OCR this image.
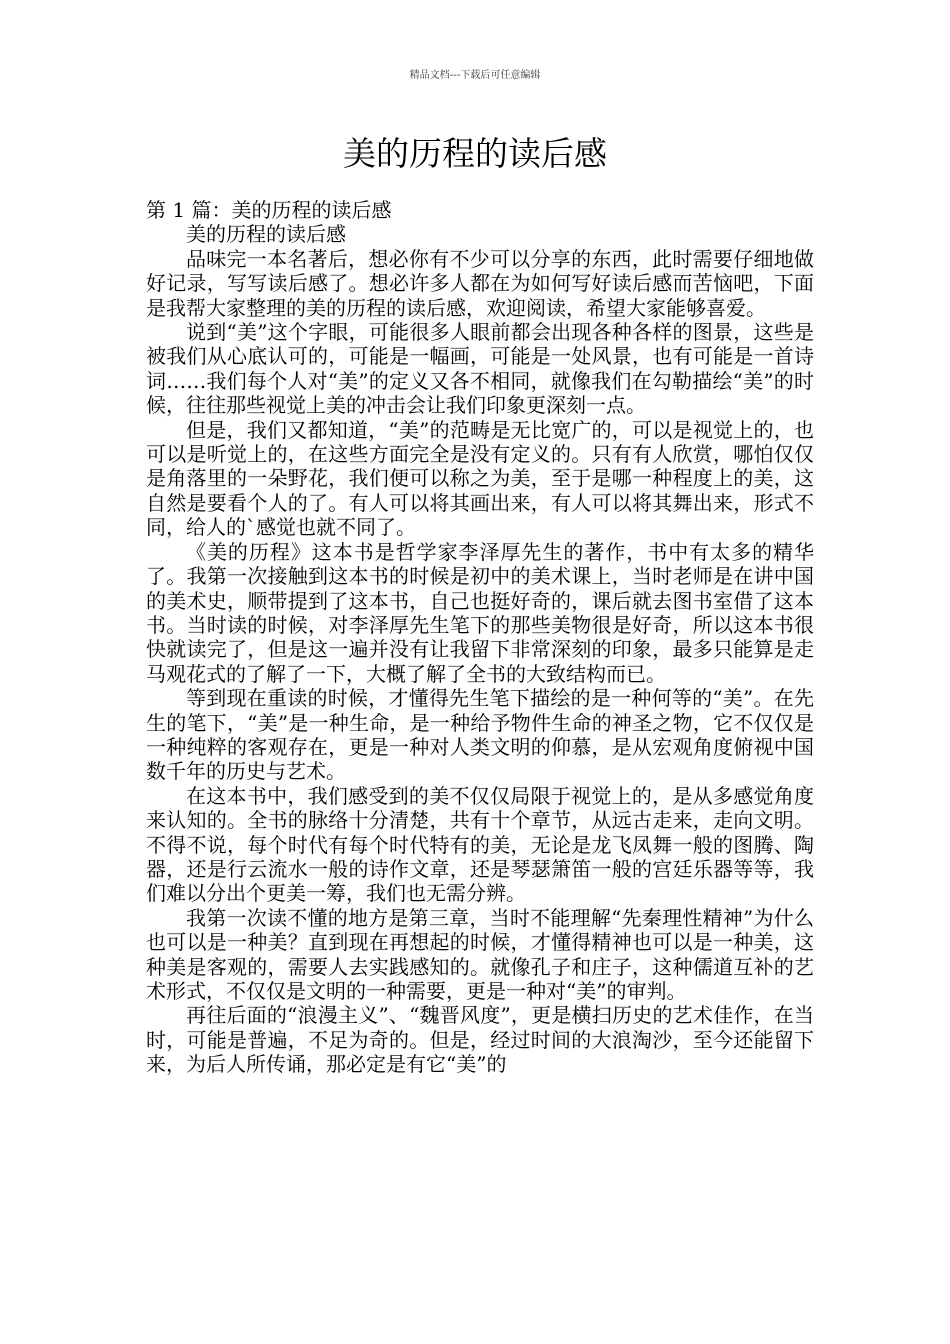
精品文档---下载后可任意编辑
美的历程的读后感

第 1 篇：美的历程的读后感

美的历程的读后感

品味完一本名著后，想必你有不少可以分享的东西，此时需要仔细地做好记录，写写读后感了。想必许多人都在为如何写好读后感而苦恼吧，下面是我帮大家整理的美的历程的读后感，欢迎阅读，希望大家能够喜爱。

说到“美”这个字眼，可能很多人眼前都会出现各种各样的图景，这些是被我们从心底认可的，可能是一幅画，可能是一处风景，也有可能是一首诗词……我们每个人对“美”的定义又各不相同，就像我们在勾勒描绘“美”的时候，往往那些视觉上美的冲击会让我们印象更深刻一点。

但是，我们又都知道，“美”的范畴是无比宽广的，可以是视觉上的，也可以是听觉上的，在这些方面完全是没有定义的。只有有人欣赏，哪怕仅仅是角落里的一朵野花，我们便可以称之为美，至于是哪一种程度上的美，这自然是要看个人的了。有人可以将其画出来，有人可以将其舞出来，形式不同，给人的`感觉也就不同了。

《美的历程》这本书是哲学家李泽厚先生的著作，书中有太多的精华了。我第一次接触到这本书的时候是初中的美术课上，当时老师是在讲中国的美术史，顺带提到了这本书，自己也挺好奇的，课后就去图书室借了这本书。当时读的时候，对李泽厚先生笔下的那些美物很是好奇，所以这本书很快就读完了，但是这一遍并没有让我留下非常深刻的印象，最多只能算是走马观花式的了解了一下，大概了解了全书的大致结构而已。

等到现在重读的时候，才懂得先生笔下描绘的是一种何等的“美”。在先生的笔下，“美”是一种生命，是一种给予物件生命的神圣之物，它不仅仅是一种纯粹的客观存在，更是一种对人类文明的仰慕，是从宏观角度俯视中国数千年的历史与艺术。

在这本书中，我们感受到的美不仅仅局限于视觉上的，是从多感觉角度来认知的。全书的脉络十分清楚，共有十个章节，从远古走来，走向文明。不得不说，每个时代有每个时代特有的美，无论是龙飞凤舞一般的图腾、陶器，还是行云流水一般的诗作文章，还是琴瑟箫笛一般的宫廷乐器等等，我们难以分出个更美一筹，我们也无需分辨。

我第一次读不懂的地方是第三章，当时不能理解“先秦理性精神”为什么也可以是一种美？直到现在再想起的时候，才懂得精神也可以是一种美，这种美是客观的，需要人去实践感知的。就像孔子和庄子，这种儒道互补的艺术形式，不仅仅是文明的一种需要，更是一种对“美”的审判。

再往后面的“浪漫主义”、“魏晋风度”，更是横扫历史的艺术佳作，在当时，可能是普遍，不足为奇的。但是，经过时间的大浪淘沙，至今还能留下来，为后人所传诵，那必定是有它“美”的
